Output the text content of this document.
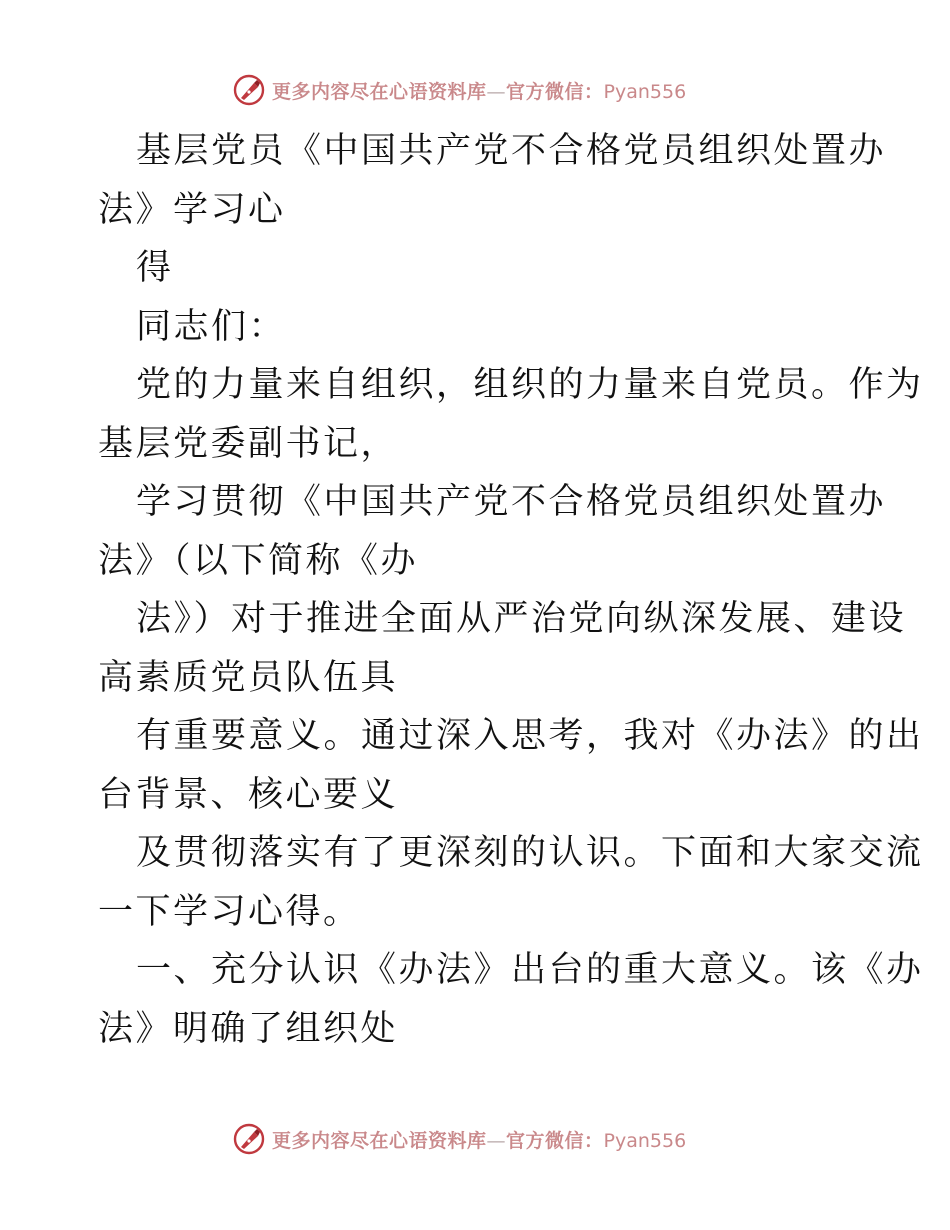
更多内容尽在心语资料库—官方微信：Pyan556
基层党员《中国共产党不合格党员组织处置办
法》学习心
得
同志们：
党的力量来自组织，组织的力量来自党员。作为
基层党委副书记，
学习贯彻《中国共产党不合格党员组织处置办
法》（以下简称《办
法》）对于推进全面从严治党向纵深发展、建设
高素质党员队伍具
有重要意义。通过深入思考，我对《办法》的出
台背景、核心要义
及贯彻落实有了更深刻的认识。下面和大家交流
一下学习心得。
一、充分认识《办法》出台的重大意义。该《办
法》明确了组织处
更多内容尽在心语资料库—官方微信：Pyan556
